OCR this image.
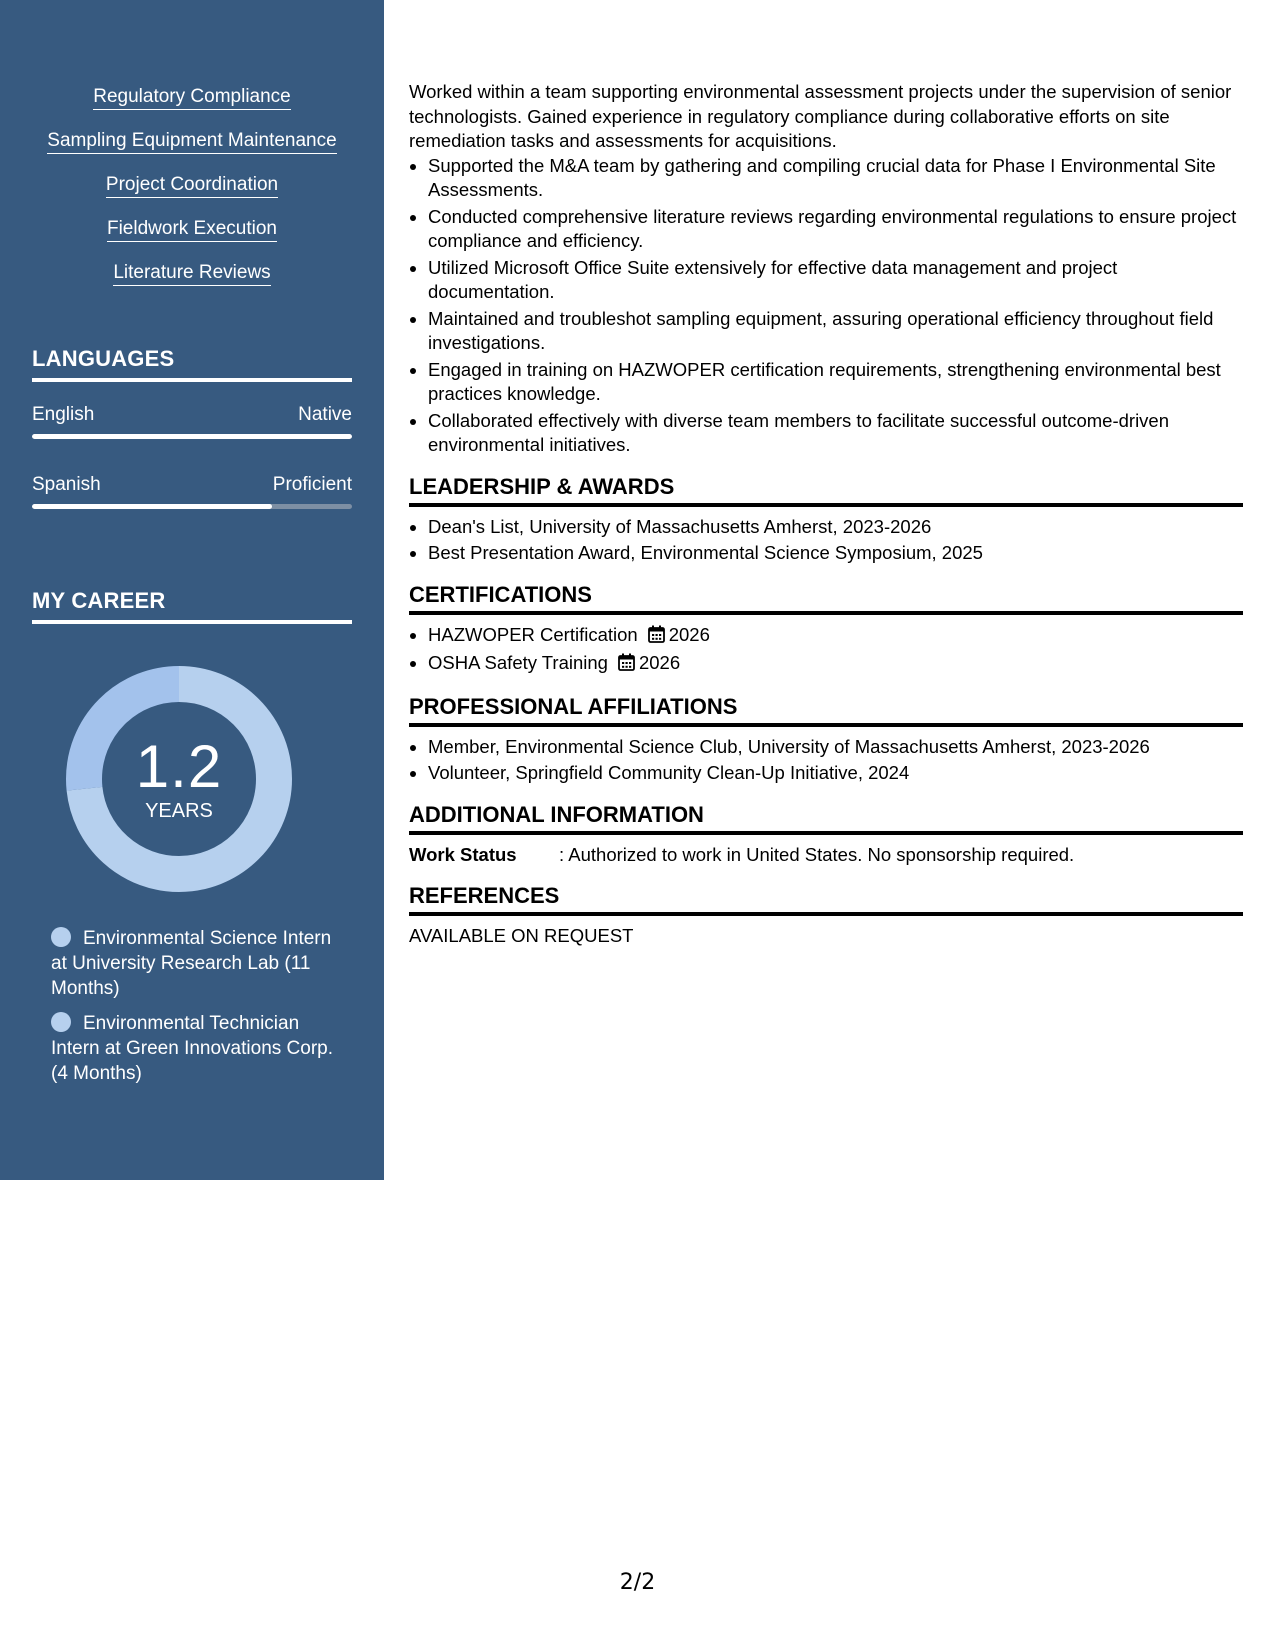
Regulatory Compliance
Sampling Equipment Maintenance
Project Coordination
Fieldwork Execution
Literature Reviews
LANGUAGES
English	Native
Spanish	Proficient
MY CAREER
1.2
YEARS
Environmental Science Intern at University Research Lab (11 Months)
Environmental Technician Intern at Green Innovations Corp. (4 Months)

Worked within a team supporting environmental assessment projects under the supervision of senior technologists. Gained experience in regulatory compliance during collaborative efforts on site remediation tasks and assessments for acquisitions.

• Supported the M&A team by gathering and compiling crucial data for Phase I Environmental Site Assessments.
• Conducted comprehensive literature reviews regarding environmental regulations to ensure project compliance and efficiency.
• Utilized Microsoft Office Suite extensively for effective data management and project documentation.
• Maintained and troubleshot sampling equipment, assuring operational efficiency throughout field investigations.
• Engaged in training on HAZWOPER certification requirements, strengthening environmental best practices knowledge.
• Collaborated effectively with diverse team members to facilitate successful outcome-driven environmental initiatives.
LEADERSHIP & AWARDS
• Dean's List, University of Massachusetts Amherst, 2023-2026
• Best Presentation Award, Environmental Science Symposium, 2025
CERTIFICATIONS
• HAZWOPER Certification 2026
• OSHA Safety Training 2026
PROFESSIONAL AFFILIATIONS
• Member, Environmental Science Club, University of Massachusetts Amherst, 2023-2026
• Volunteer, Springfield Community Clean-Up Initiative, 2024
ADDITIONAL INFORMATION
Work Status : Authorized to work in United States. No sponsorship required.
REFERENCES
AVAILABLE ON REQUEST
2/2
